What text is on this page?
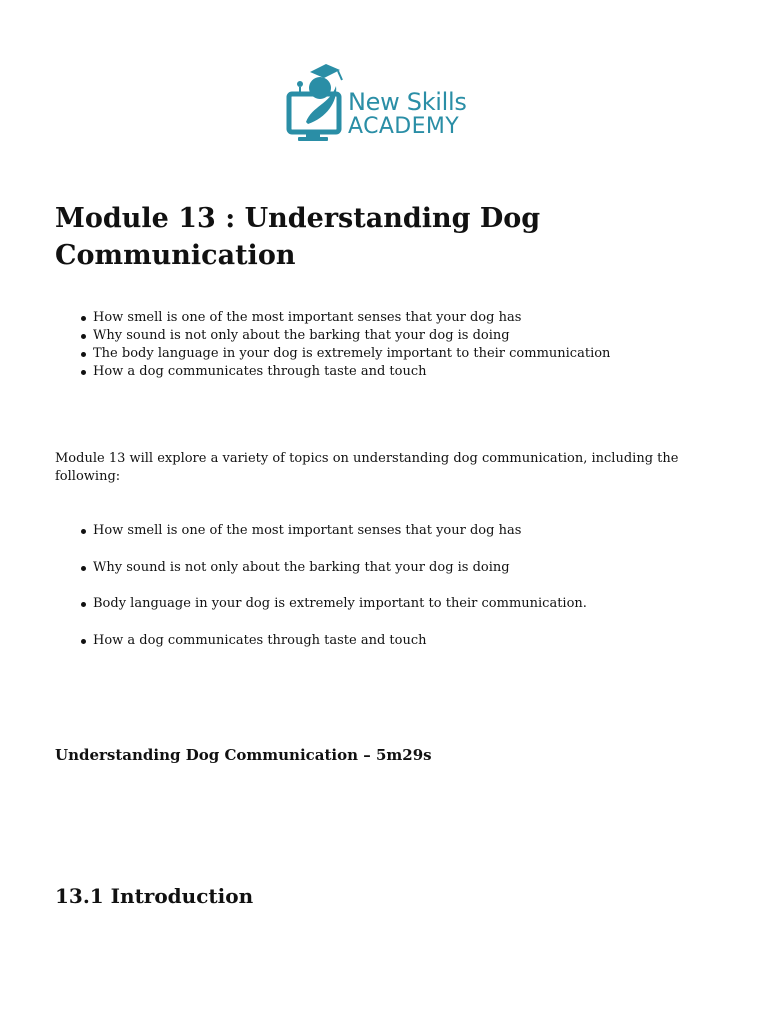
New Skills
ACADEMY
Module 13 : Understanding Dog Communication
How smell is one of the most important senses that your dog has
Why sound is not only about the barking that your dog is doing
The body language in your dog is extremely important to their communication
How a dog communicates through taste and touch

Module 13 will explore a variety of topics on understanding dog communication, including the following:

How smell is one of the most important senses that your dog has
Why sound is not only about the barking that your dog is doing
Body language in your dog is extremely important to their communication.
How a dog communicates through taste and touch

Understanding Dog Communication – 5m29s

13.1 Introduction
